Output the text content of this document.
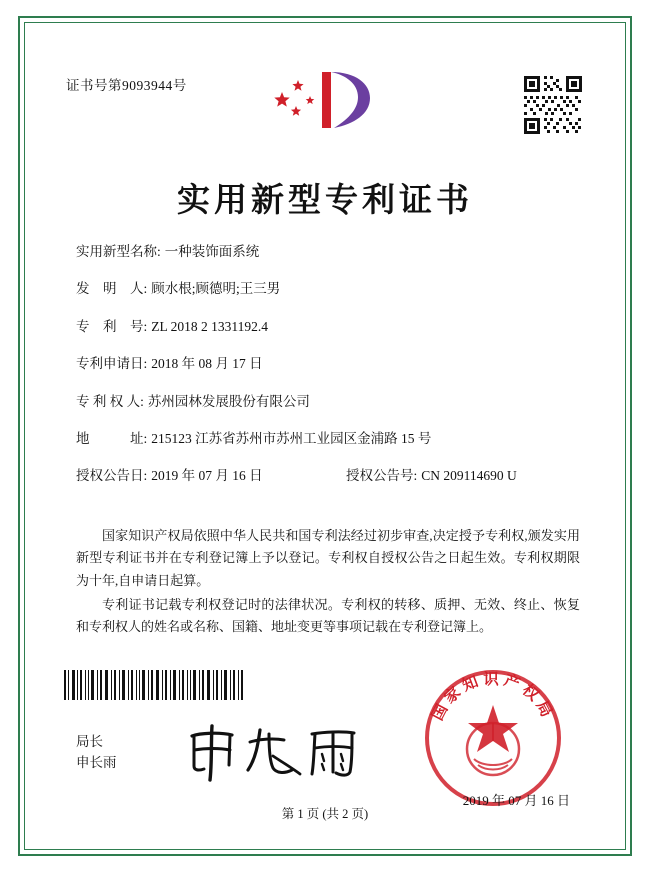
证书号第9093944号
实用新型专利证书
实用新型名称: 一种装饰面系统
发　明　人: 顾水根;顾德明;王三男
专　利　号: ZL 2018 2 1331192.4
专利申请日: 2018 年 08 月 17 日
专 利 权 人: 苏州园林发展股份有限公司
地　　　址: 215123 江苏省苏州市苏州工业园区金浦路 15 号
授权公告日: 2019 年 07 月 16 日	授权公告号: CN 209114690 U

国家知识产权局依照中华人民共和国专利法经过初步审查,决定授予专利权,颁发实用新型专利证书并在专利登记簿上予以登记。专利权自授权公告之日起生效。专利权期限为十年,自申请日起算。

专利证书记载专利权登记时的法律状况。专利权的转移、质押、无效、终止、恢复和专利权人的姓名或名称、国籍、地址变更等事项记载在专利登记簿上。

局长
申长雨
国家知识产权局
2019 年 07 月 16 日
第 1 页 (共 2 页)
